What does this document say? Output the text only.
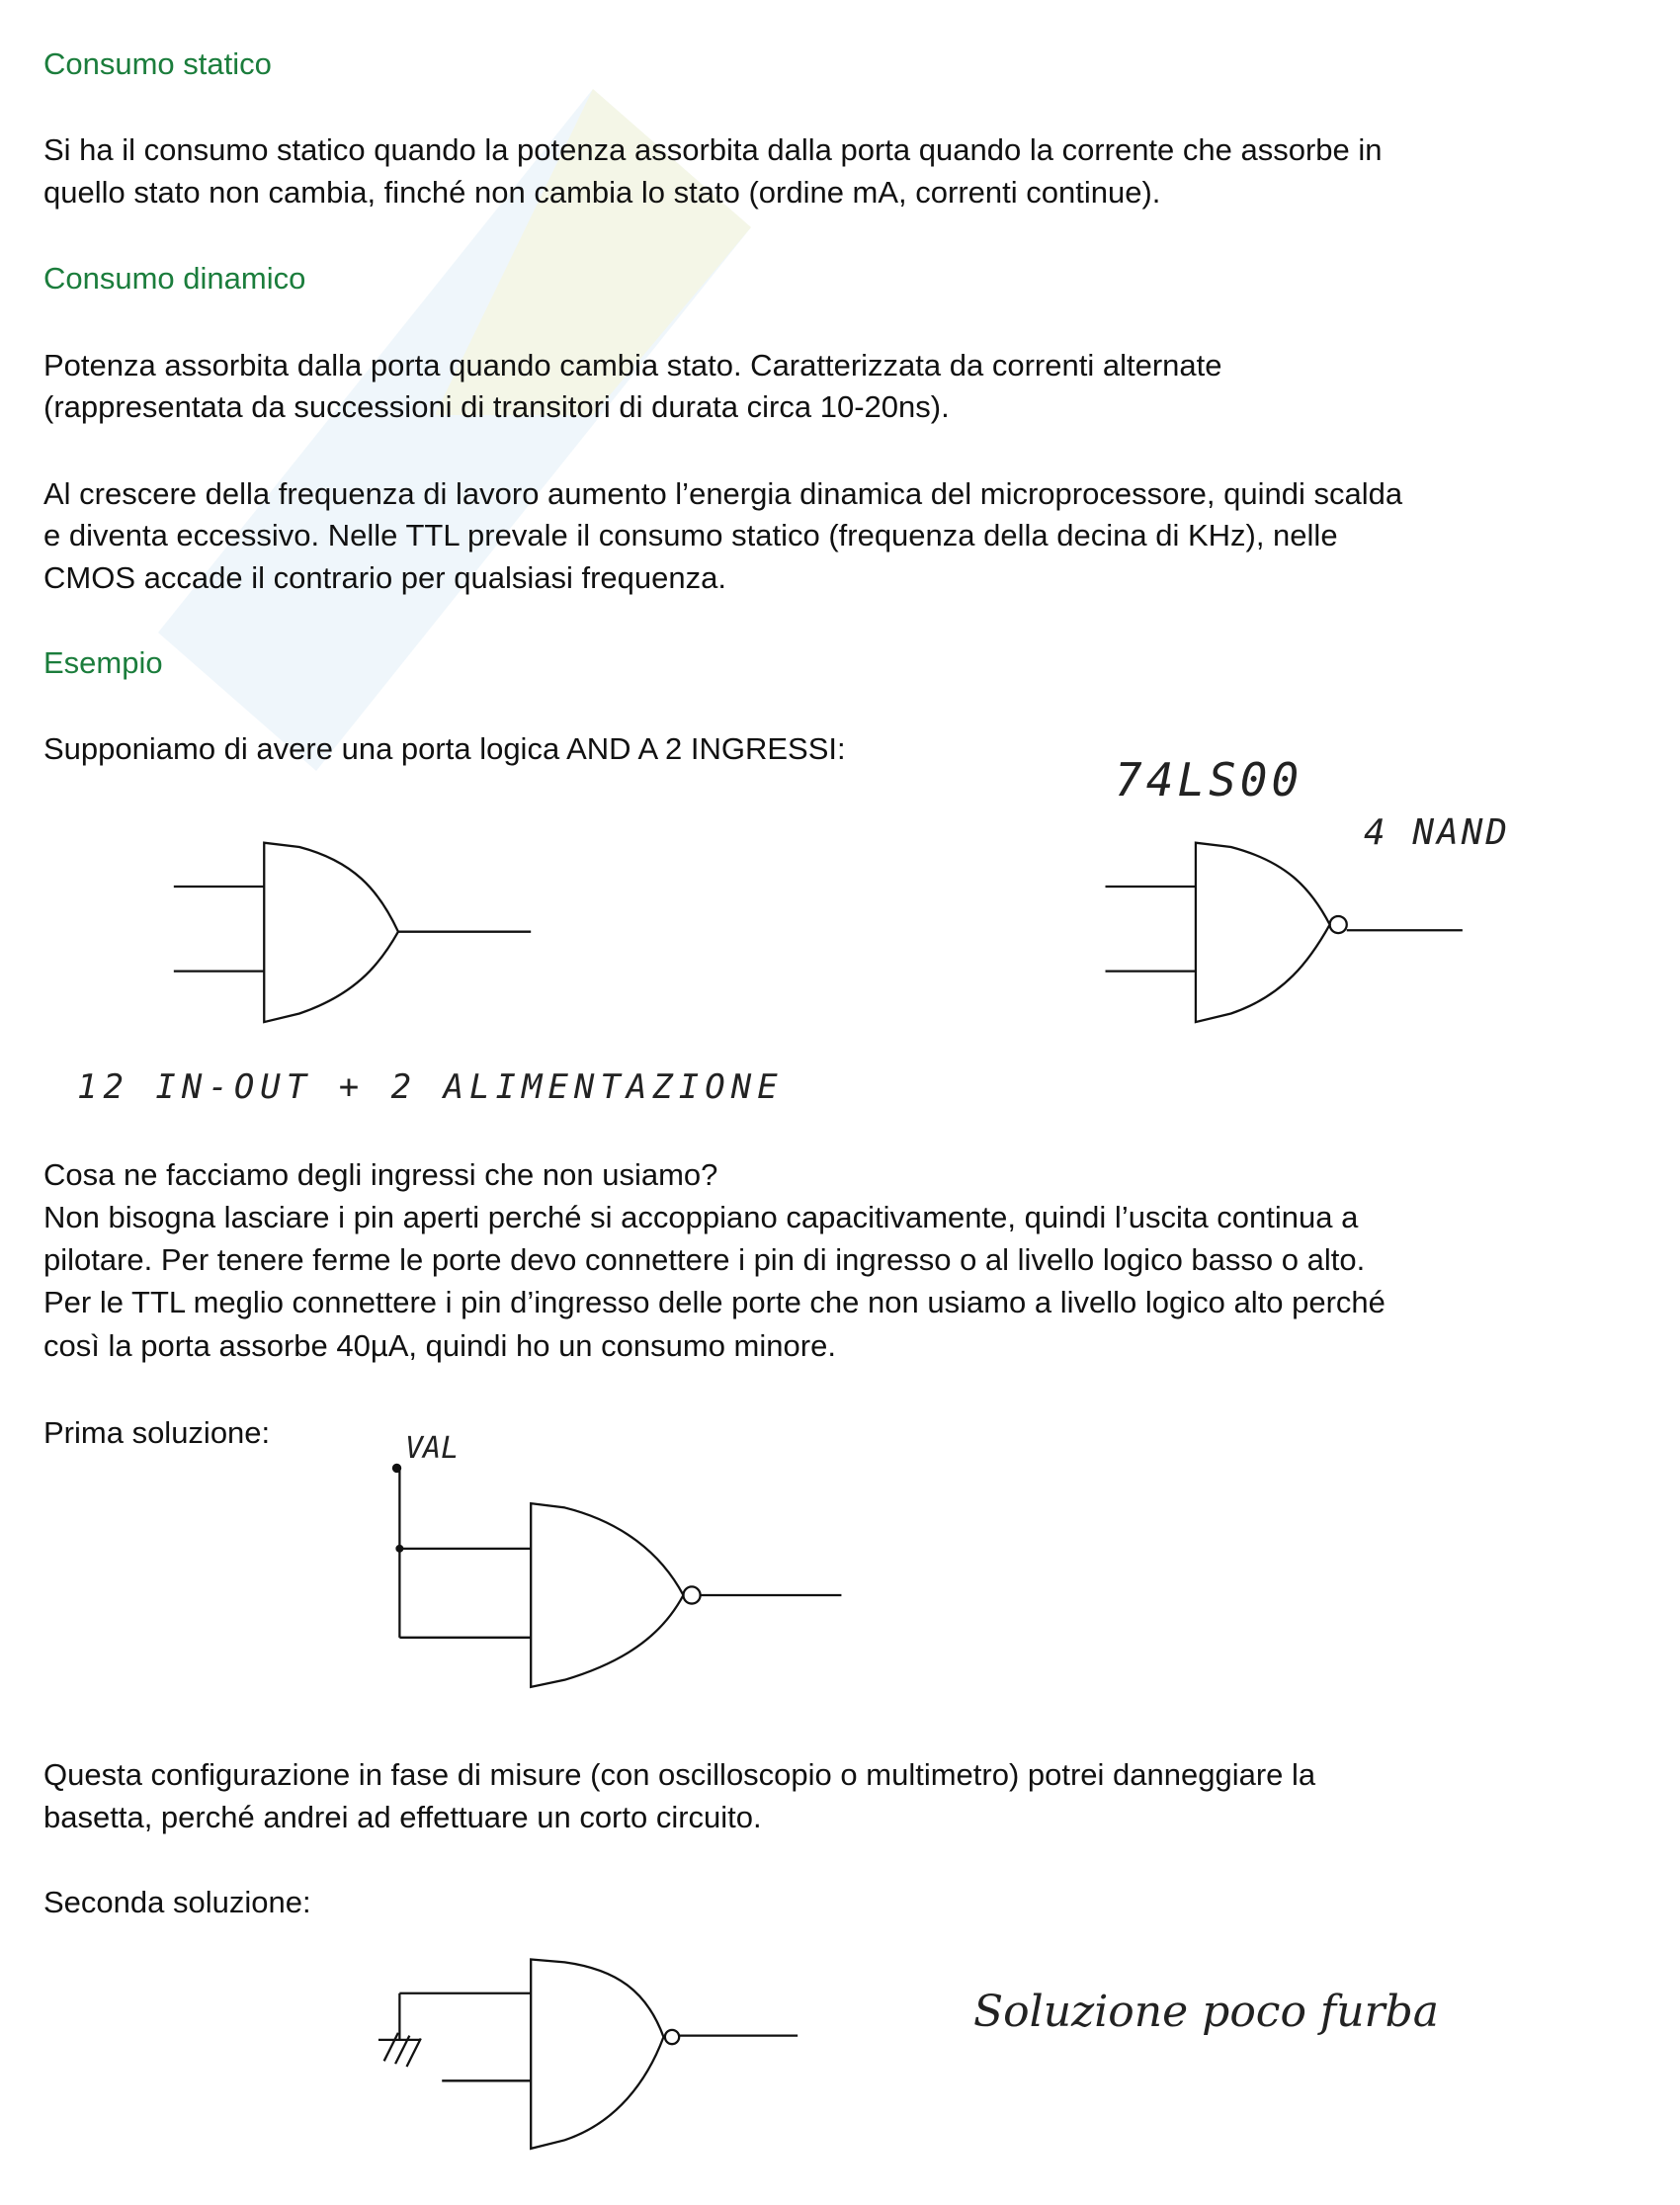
Consumo statico
Si ha il consumo statico quando la potenza assorbita dalla porta quando la corrente che assorbe in
quello stato non cambia, finché non cambia lo stato (ordine mA, correnti continue).
Consumo dinamico
Potenza assorbita dalla porta quando cambia stato. Caratterizzata da correnti alternate
(rappresentata da successioni di transitori di durata circa 10-20ns).
Al crescere della frequenza di lavoro aumento l’energia dinamica del microprocessore, quindi scalda
e diventa eccessivo. Nelle TTL prevale il consumo statico (frequenza della decina di KHz), nelle
CMOS accade il contrario per qualsiasi frequenza.
Esempio
Supponiamo di avere una porta logica AND A 2 INGRESSI:
74LS00
4 NAND
12 IN-OUT + 2 ALIMENTAZIONE
Cosa ne facciamo degli ingressi che non usiamo?
Non bisogna lasciare i pin aperti perché si accoppiano capacitivamente, quindi l’uscita continua a
pilotare. Per tenere ferme le porte devo connettere i pin di ingresso o al livello logico basso o alto.
Per le TTL meglio connettere i pin d’ingresso delle porte che non usiamo a livello logico alto perché
così la porta assorbe 40µA, quindi ho un consumo minore.
Prima soluzione:	VAL
Questa configurazione in fase di misure (con oscilloscopio o multimetro) potrei danneggiare la
basetta, perché andrei ad effettuare un corto circuito.
Seconda soluzione:
Soluzione poco furba
